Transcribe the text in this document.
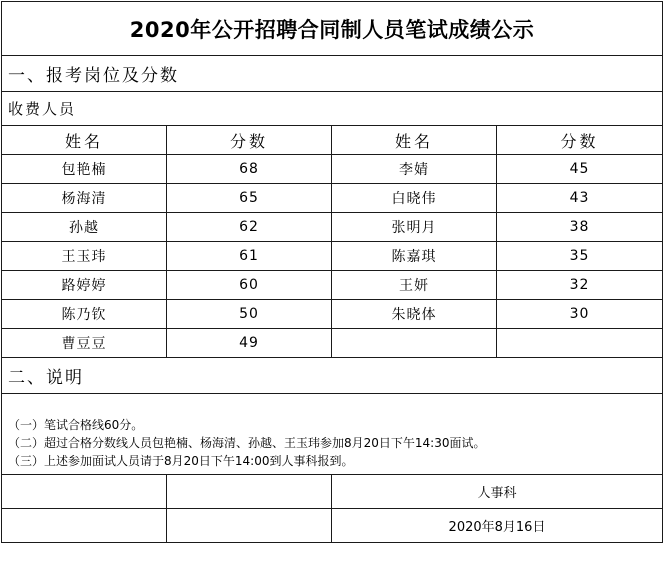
2020年公开招聘合同制人员笔试成绩公示			
一、报考岗位及分数			
收费人员			
姓名	分数	姓名	分数
包艳楠	68	李婧	45
杨海清	65	白晓伟	43
孙越	62	张明月	38
王玉玮	61	陈嘉琪	35
路婷婷	60	王妍	32
陈乃钦	50	朱晓体	30
曹豆豆	49		
二、说明			

（一）笔试合格线60分。
（二）超过合格分数线人员包艳楠、杨海清、孙越、王玉玮参加8月20日下午14:30面试。
（三）上述参加面试人员请于8月20日下午14:00到人事科报到。			

		人事科	
		2020年8月16日	
